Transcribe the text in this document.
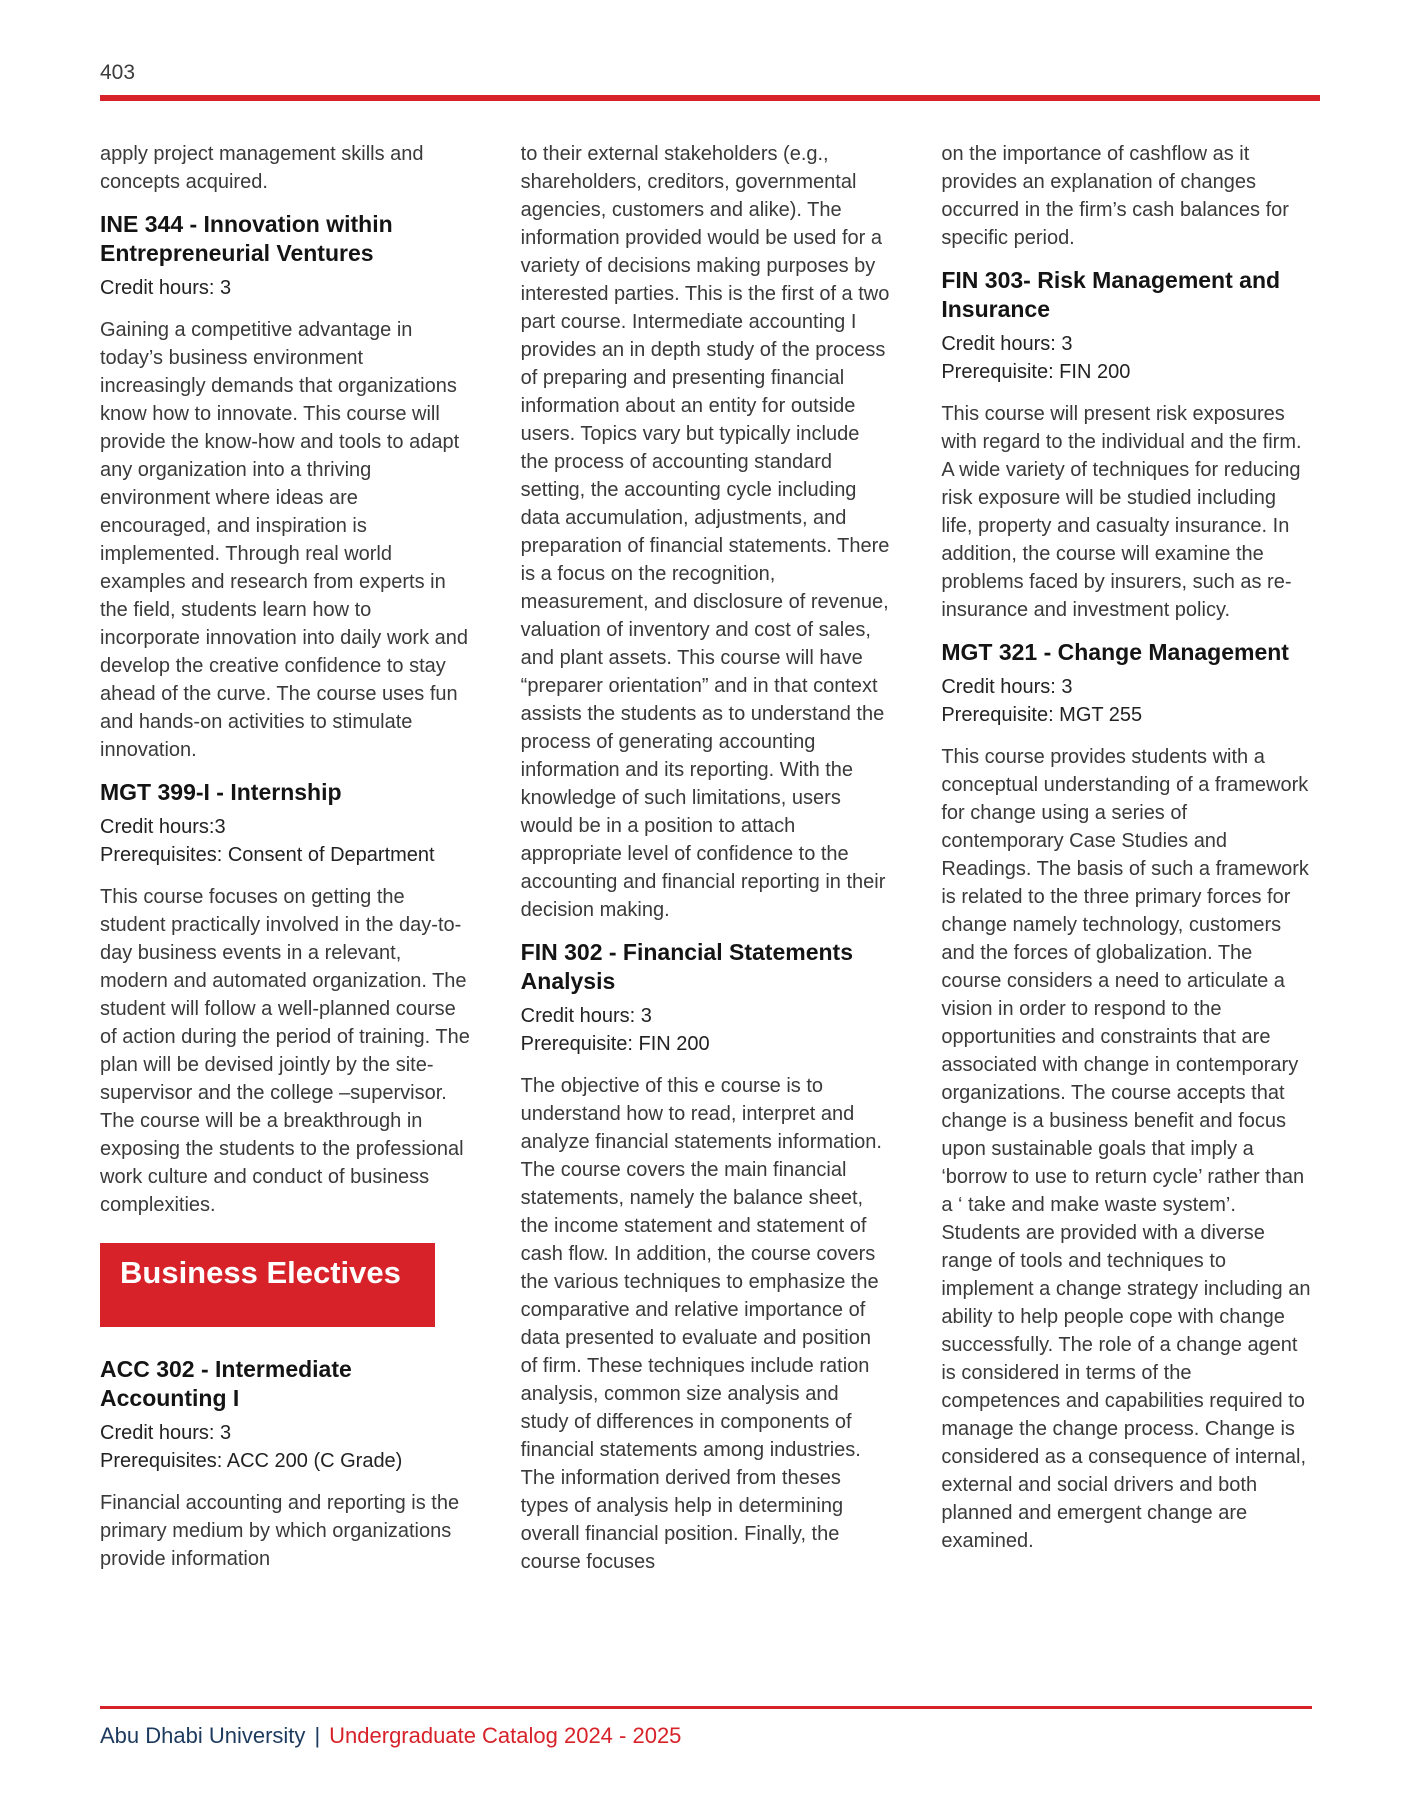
403

apply project management skills and concepts acquired.

INE 344 - Innovation within Entrepreneurial Ventures
Credit hours: 3

Gaining a competitive advantage in today’s business environment increasingly demands that organizations know how to innovate. This course will provide the know-how and tools to adapt any organization into a thriving environment where ideas are encouraged, and inspiration is implemented. Through real world examples and research from experts in the field, students learn how to incorporate innovation into daily work and develop the creative confidence to stay ahead of the curve. The course uses fun and hands-on activities to stimulate innovation.

MGT 399-I - Internship
Credit hours:3
Prerequisites: Consent of Department

This course focuses on getting the student practically involved in the day-to-day business events in a relevant, modern and automated organization. The student will follow a well-planned course of action during the period of training. The plan will be devised jointly by the site- supervisor and the college –supervisor. The course will be a breakthrough in exposing the students to the professional work culture and conduct of business complexities.

Business Electives
ACC 302 - Intermediate Accounting I
Credit hours: 3
Prerequisites: ACC 200 (C Grade)

Financial accounting and reporting is the primary medium by which organizations provide information

to their external stakeholders (e.g., shareholders, creditors, governmental agencies, customers and alike). The information provided would be used for a variety of decisions making purposes by interested parties. This is the first of a two part course. Intermediate accounting I provides an in depth study of the process of preparing and presenting financial information about an entity for outside users. Topics vary but typically include the process of accounting standard setting, the accounting cycle including data accumulation, adjustments, and preparation of financial statements. There is a focus on the recognition, measurement, and disclosure of revenue, valuation of inventory and cost of sales, and plant assets. This course will have “preparer orientation” and in that context assists the students as to understand the process of generating accounting information and its reporting. With the knowledge of such limitations, users would be in a position to attach appropriate level of confidence to the accounting and financial reporting in their decision making.

FIN 302 - Financial Statements Analysis
Credit hours: 3
Prerequisite: FIN 200

The objective of this e course is to understand how to read, interpret and analyze financial statements information. The course covers the main financial statements, namely the balance sheet, the income statement and statement of cash flow. In addition, the course covers the various techniques to emphasize the comparative and relative importance of data presented to evaluate and position of firm. These techniques include ration analysis, common size analysis and study of differences in components of financial statements among industries. The information derived from theses types of analysis help in determining overall financial position. Finally, the course focuses

on the importance of cashflow as it provides an explanation of changes occurred in the firm’s cash balances for specific period.

FIN 303- Risk Management and Insurance
Credit hours: 3
Prerequisite: FIN 200

This course will present risk exposures with regard to the individual and the firm. A wide variety of techniques for reducing risk exposure will be studied including life, property and casualty insurance. In addition, the course will examine the problems faced by insurers, such as re-insurance and investment policy.

MGT 321 - Change Management
Credit hours: 3
Prerequisite: MGT 255

This course provides students with a conceptual understanding of a framework for change using a series of contemporary Case Studies and Readings. The basis of such a framework is related to the three primary forces for change namely technology, customers and the forces of globalization. The course considers a need to articulate a vision in order to respond to the opportunities and constraints that are associated with change in contemporary organizations. The course accepts that change is a business benefit and focus upon sustainable goals that imply a ‘borrow to use to return cycle’ rather than a ‘ take and make waste system’. Students are provided with a diverse range of tools and techniques to implement a change strategy including an ability to help people cope with change successfully. The role of a change agent is considered in terms of the competences and capabilities required to manage the change process. Change is considered as a consequence of internal, external and social drivers and both planned and emergent change are examined.

Abu Dhabi University | Undergraduate Catalog 2024 - 2025
